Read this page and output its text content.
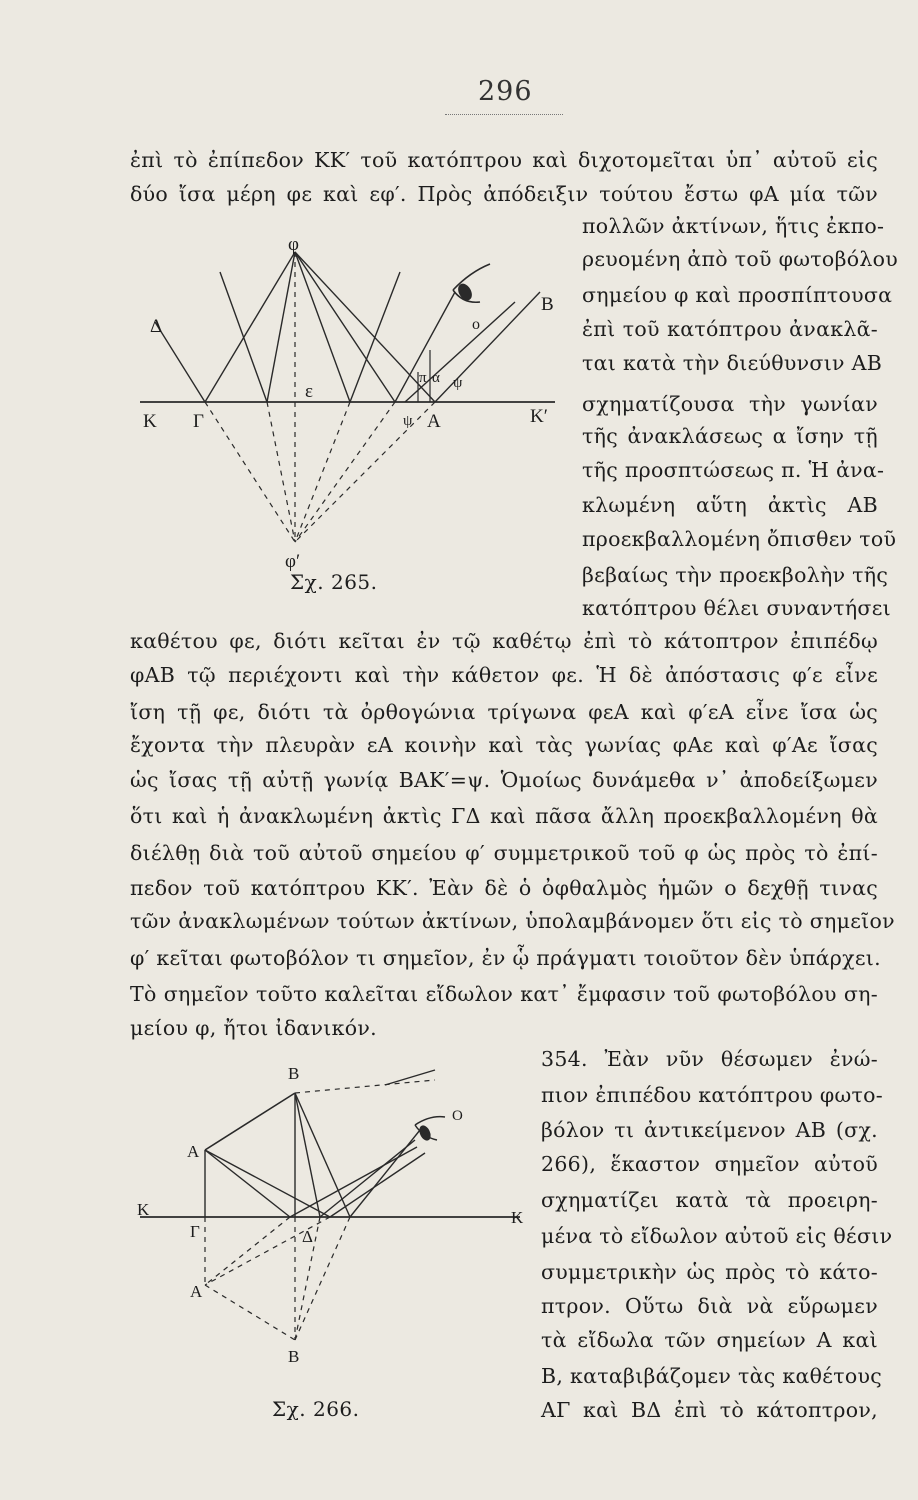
296
ἐπὶ τὸ ἐπίπεδον ΚΚ′ τοῦ κατόπτρου καὶ διχοτομεῖται ὑπ᾽ αὐτοῦ εἰς
δύο ἴσα μέρη φε καὶ εφ′. Πρὸς ἀπόδειξιν τούτου ἔστω φΑ μία τῶν
πολλῶν ἀκτίνων, ἥτις ἐκπο-
ρευομένη ἀπὸ τοῦ φωτοβόλου
σημείου φ καὶ προσπίπτουσα
ἐπὶ τοῦ κατόπτρου ἀνακλᾶ-
ται κατὰ τὴν διεύθυνσιν ΑΒ
σχηματίζουσα τὴν γωνίαν
τῆς ἀνακλάσεως α ἴσην τῇ
τῆς προσπτώσεως π. Ἡ ἀνα-
κλωμένη αὕτη ἀκτὶς ΑΒ
προεκβαλλομένη ὄπισθεν τοῦ
βεβαίως τὴν προεκβολὴν τῆς
κατόπτρου θέλει συναντήσει
φ
Δ
Κ Γ
ε
π α ψ
ψ Α	Κ′
Β
ο
φ′
Σχ. 265.
καθέτου φε, διότι κεῖται ἐν τῷ καθέτῳ ἐπὶ τὸ κάτοπτρον ἐπιπέδῳ
φΑΒ τῷ περιέχοντι καὶ τὴν κάθετον φε. Ἡ δὲ ἀπόστασις φ′ε εἶνε
ἴση τῇ φε, διότι τὰ ὀρθογώνια τρίγωνα φεΑ καὶ φ′εΑ εἶνε ἴσα ὡς
ἔχοντα τὴν πλευρὰν εΑ κοινὴν καὶ τὰς γωνίας φΑε καὶ φ′Αε ἴσας
ὡς ἴσας τῇ αὐτῇ γωνίᾳ ΒΑΚ′=ψ. Ὁμοίως δυνάμεθα ν᾽ ἀποδείξωμεν
ὅτι καὶ ἡ ἀνακλωμένη ἀκτὶς ΓΔ καὶ πᾶσα ἄλλη προεκβαλλομένη θὰ
διέλθῃ διὰ τοῦ αὐτοῦ σημείου φ′ συμμετρικοῦ τοῦ φ ὡς πρὸς τὸ ἐπί-
πεδον τοῦ κατόπτρου ΚΚ′. Ἐὰν δὲ ὁ ὀφθαλμὸς ἡμῶν ο δεχθῇ τινας
τῶν ἀνακλωμένων τούτων ἀκτίνων, ὑπολαμβάνομεν ὅτι εἰς τὸ σημεῖον
φ′ κεῖται φωτοβόλον τι σημεῖον, ἐν ᾧ πράγματι τοιοῦτον δὲν ὑπάρχει.
Τὸ σημεῖον τοῦτο καλεῖται εἴδωλον κατ᾽ ἔμφασιν τοῦ φωτοβόλου ση-
μείου φ, ἤτοι ἰδανικόν.
354. Ἐὰν νῦν θέσωμεν ἐνώ-
πιον ἐπιπέδου κατόπτρου φωτο-
βόλον τι ἀντικείμενον ΑΒ (σχ.
266), ἕκαστον σημεῖον αὐτοῦ
σχηματίζει κατὰ τὰ προειρη-
μένα τὸ εἴδωλον αὐτοῦ εἰς θέσιν
συμμετρικὴν ὡς πρὸς τὸ κάτο-
πτρον. Οὕτω διὰ νὰ εὕρωμεν
τὰ εἴδωλα τῶν σημείων Α καὶ
Β, καταβιβάζομεν τὰς καθέτους
ΑΓ καὶ ΒΔ ἐπὶ τὸ κάτοπτρον,
Β
Α
Κ
Γ	Δ
Κ
O
Α
Β
Σχ. 266.
